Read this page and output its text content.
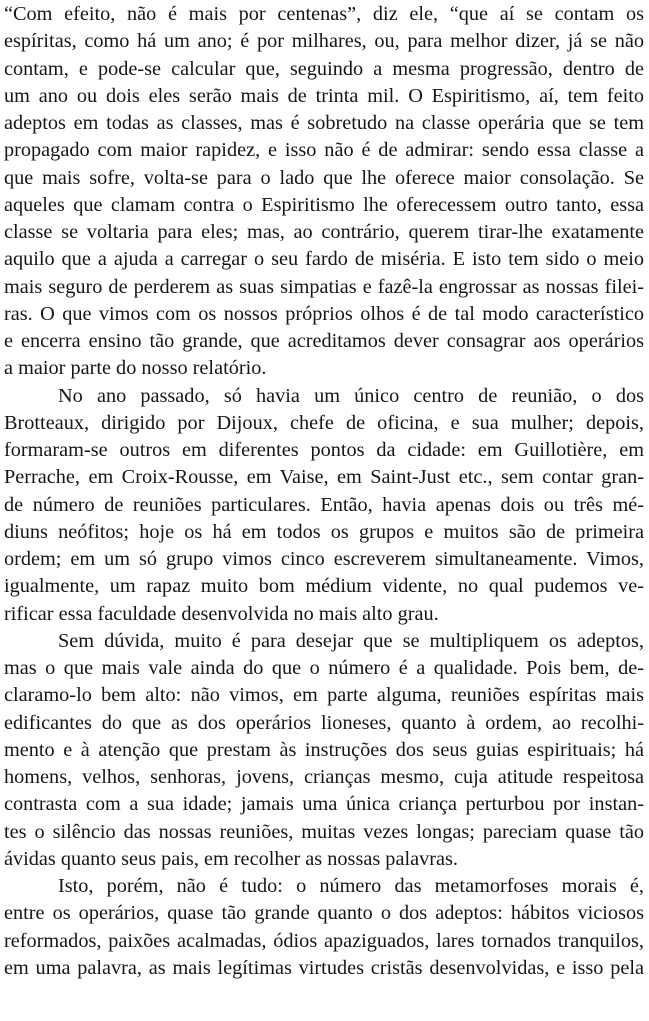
“Com efeito, não é mais por centenas”, diz ele, “que aí se contam os
espíritas, como há um ano; é por milhares, ou, para melhor dizer, já se não
contam, e pode-se calcular que, seguindo a mesma progressão, dentro de
um ano ou dois eles serão mais de trinta mil. O Espiritismo, aí, tem feito
adeptos em todas as classes, mas é sobretudo na classe operária que se tem
propagado com maior rapidez, e isso não é de admirar: sendo essa classe a
que mais sofre, volta-se para o lado que lhe oferece maior consolação. Se
aqueles que clamam contra o Espiritismo lhe oferecessem outro tanto, essa
classe se voltaria para eles; mas, ao contrário, querem tirar-lhe exatamente
aquilo que a ajuda a carregar o seu fardo de miséria. E isto tem sido o meio
mais seguro de perderem as suas simpatias e fazê-la engrossar as nossas filei-
ras. O que vimos com os nossos próprios olhos é de tal modo característico
e encerra ensino tão grande, que acreditamos dever consagrar aos operários
a maior parte do nosso relatório.

No ano passado, só havia um único centro de reunião, o dos
Brotteaux, dirigido por Dijoux, chefe de oficina, e sua mulher; depois,
formaram-se outros em diferentes pontos da cidade: em Guillotière, em
Perrache, em Croix-Rousse, em Vaise, em Saint-Just etc., sem contar gran-
de número de reuniões particulares. Então, havia apenas dois ou três mé-
diuns neófitos; hoje os há em todos os grupos e muitos são de primeira
ordem; em um só grupo vimos cinco escreverem simultaneamente. Vimos,
igualmente, um rapaz muito bom médium vidente, no qual pudemos ve-
rificar essa faculdade desenvolvida no mais alto grau.

Sem dúvida, muito é para desejar que se multipliquem os adeptos,
mas o que mais vale ainda do que o número é a qualidade. Pois bem, de-
claramo-lo bem alto: não vimos, em parte alguma, reuniões espíritas mais
edificantes do que as dos operários lioneses, quanto à ordem, ao recolhi-
mento e à atenção que prestam às instruções dos seus guias espirituais; há
homens, velhos, senhoras, jovens, crianças mesmo, cuja atitude respeitosa
contrasta com a sua idade; jamais uma única criança perturbou por instan-
tes o silêncio das nossas reuniões, muitas vezes longas; pareciam quase tão
ávidas quanto seus pais, em recolher as nossas palavras.

Isto, porém, não é tudo: o número das metamorfoses morais é,
entre os operários, quase tão grande quanto o dos adeptos: hábitos viciosos
reformados, paixões acalmadas, ódios apaziguados, lares tornados tranquilos,
em uma palavra, as mais legítimas virtudes cristãs desenvolvidas, e isso pela
